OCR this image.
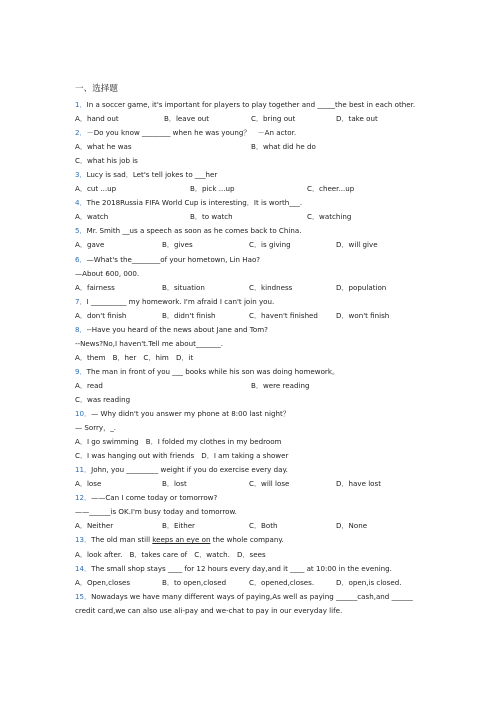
一、选择题
1．In a soccer game, it's important for players to play together and _____the best in each other.
A．hand out	B．leave out	C．bring out	D．take out
2．－Do you know ________ when he was young？　－An actor.
A．what he was	B．what did he do
C．what his job is
3．Lucy is sad．Let's tell jokes to ___her
A．cut ...up	B．pick ...up	C．cheer...up
4．The 2018Russia FIFA World Cup is interesting．It is worth___.
A．watch	B．to watch	C．watching
5．Mr. Smith __us a speech as soon as he comes back to China.
A．gave	B．gives	C．is giving	D．will give
6．—What's the________of your hometown, Lin Hao?
—About 600, 000.
A．fairness	B．situation	C．kindness	D．population
7．I __________ my homework. I'm afraid I can't join you.
A．don't finish	B．didn't finish	C．haven't finished	D．won't finish
8．--Have you heard of the news about Jane and Tom?
--News?No,I haven't.Tell me about_______.
A．them　B．her　C．him　D．it
9．The man in front of you ___ books while his son was doing homework。
A．read	B．were reading
C．was reading
10．— Why didn't you answer my phone at 8:00 last night？
— Sorry，_.
A．I go swimming　B．I folded my clothes in my bedroom
C．I was hanging out with friends　D．I am taking a shower
11．John, you _________ weight if you do exercise every day.
A．lose	B．lost	C．will lose	D．have lost
12．——Can I come today or tomorrow?
——______is OK.I'm busy today and tomorrow.
A．Neither	B．Either	C．Both	D．None
13．The old man still keeps an eye on the whole company.
A．look after.　B．takes care of　C．watch.　D．sees
14．The small shop stays ____ for 12 hours every day,and it ____ at 10:00 in the evening.
A．Open,closes	B．to open,closed	C．opened,closes.	D．open,is closed.
15．Nowadays we have many different ways of paying,As well as paying ______cash,and ______ credit card,we can also use ali-pay and we-chat to pay in our everyday life.
